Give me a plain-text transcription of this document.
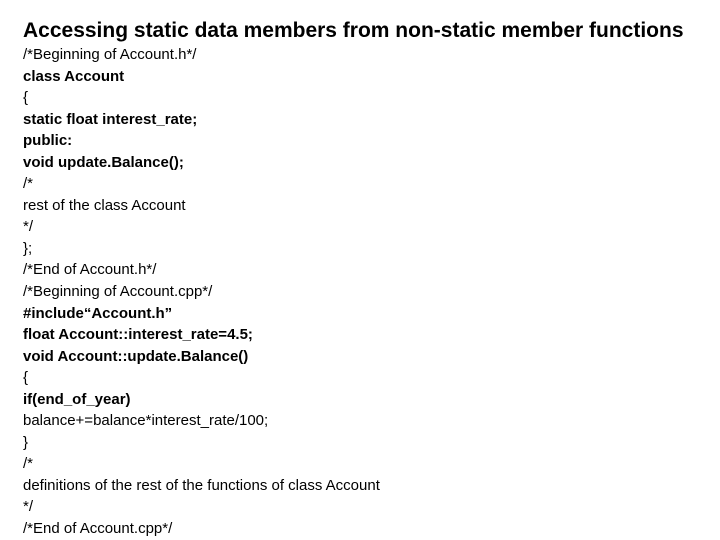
Accessing static data members from non-static member functions
/*Beginning of Account.h*/
class Account
{
static float interest_rate;
public:
void update.Balance();
/*
rest of the class Account
*/
};
/*End of Account.h*/
/*Beginning of Account.cpp*/
#include“Account.h”
float Account::interest_rate=4.5;
void Account::update.Balance()
{
if(end_of_year)
balance+=balance*interest_rate/100;
}
/*
definitions of the rest of the functions of class Account
*/
/*End of Account.cpp*/
